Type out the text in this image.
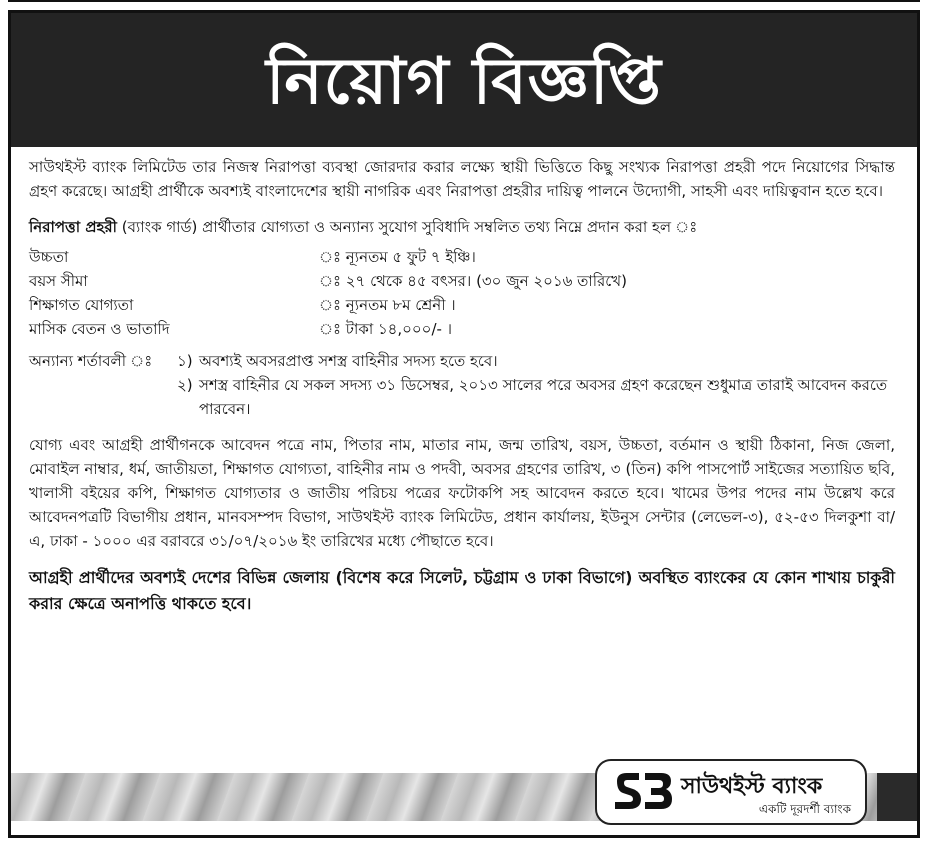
নিয়োগ বিজ্ঞপ্তি

সাউথইস্ট ব্যাংক লিমিটেড তার নিজস্ব নিরাপত্তা ব্যবস্থা জোরদার করার লক্ষ্যে স্থায়ী ভিত্তিতে কিছু সংখ্যক নিরাপত্তা প্রহরী পদে নিয়োগের সিদ্ধান্ত গ্রহণ করেছে। আগ্রহী প্রার্থীকে অবশ্যই বাংলাদেশের স্থায়ী নাগরিক এবং নিরাপত্তা প্রহরীর দায়িত্ব পালনে উদ্যোগী, সাহসী এবং দায়িত্ববান হতে হবে।

নিরাপত্তা প্রহরী (ব্যাংক গার্ড) প্রার্থীতার যোগ্যতা ও অন্যান্য সুযোগ সুবিধাদি সম্বলিত তথ্য নিম্নে প্রদান করা হল ঃ

উচ্চতা	ঃ ন্যূনতম ৫ ফুট ৭ ইঞ্চি।
বয়স সীমা	ঃ ২৭ থেকে ৪৫ বৎসর। (৩০ জুন ২০১৬ তারিখে)
শিক্ষাগত যোগ্যতা	ঃ ন্যূনতম ৮ম শ্রেনী ।
মাসিক বেতন ও ভাতাদি	ঃ টাকা ১৪,০০০/- ।
অন্যান্য শর্তাবলী ঃ	১) অবশ্যই অবসরপ্রাপ্ত সশস্ত্র বাহিনীর সদস্য হতে হবে।
২) সশস্ত্র বাহিনীর যে সকল সদস্য ৩১ ডিসেম্বর, ২০১৩ সালের পরে অবসর গ্রহণ করেছেন শুধুমাত্র তারাই আবেদন করতে পারবেন।

যোগ্য এবং আগ্রহী প্রার্থীগনকে আবেদন পত্রে নাম, পিতার নাম, মাতার নাম, জন্ম তারিখ, বয়স, উচ্চতা, বর্তমান ও স্থায়ী ঠিকানা, নিজ জেলা, মোবাইল নাম্বার, ধর্ম, জাতীয়তা, শিক্ষাগত যোগ্যতা, বাহিনীর নাম ও পদবী, অবসর গ্রহণের তারিখ, ৩ (তিন) কপি পাসপোর্ট সাইজের সত্যায়িত ছবি, খালাসী বইয়ের কপি, শিক্ষাগত যোগ্যতার ও জাতীয় পরিচয় পত্রের ফটোকপি সহ আবেদন করতে হবে। খামের উপর পদের নাম উল্লেখ করে আবেদনপত্রটি বিভাগীয় প্রধান, মানবসম্পদ বিভাগ, সাউথইস্ট ব্যাংক লিমিটেড, প্রধান কার্যালয়, ইউনুস সেন্টার (লেভেল-৩), ৫২-৫৩ দিলকুশা বা/এ, ঢাকা - ১০০০ এর বরাবরে ৩১/০৭/২০১৬ ইং তারিখের মধ্যে পৌছাতে হবে।

আগ্রহী প্রার্থীদের অবশ্যই দেশের বিভিন্ন জেলায় (বিশেষ করে সিলেট, চট্টগ্রাম ও ঢাকা বিভাগে) অবস্থিত ব্যাংকের যে কোন শাখায় চাকুরী করার ক্ষেত্রে অনাপত্তি থাকতে হবে।

সাউথইস্ট ব্যাংক
একটি দূরদর্শী ব্যাংক
